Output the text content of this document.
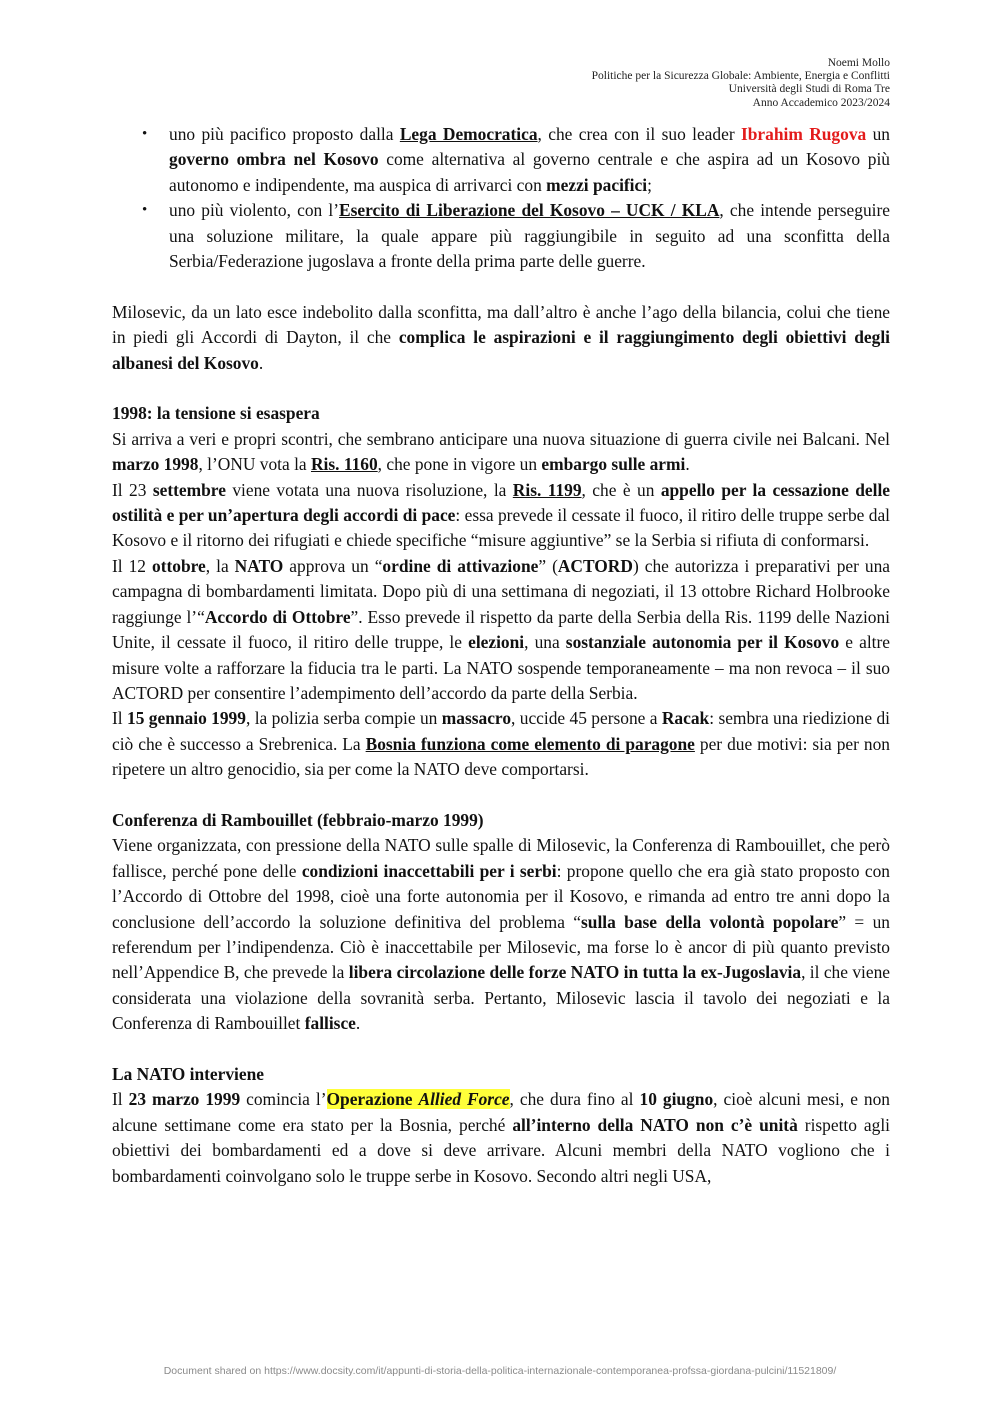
Noemi Mollo
Politiche per la Sicurezza Globale: Ambiente, Energia e Conflitti
Università degli Studi di Roma Tre
Anno Accademico 2023/2024
• uno più pacifico proposto dalla Lega Democratica, che crea con il suo leader Ibrahim Rugova un governo ombra nel Kosovo come alternativa al governo centrale e che aspira ad un Kosovo più autonomo e indipendente, ma auspica di arrivarci con mezzi pacifici;
• uno più violento, con l’Esercito di Liberazione del Kosovo – UCK / KLA, che intende perseguire una soluzione militare, la quale appare più raggiungibile in seguito ad una sconfitta della Serbia/Federazione jugoslava a fronte della prima parte delle guerre.

Milosevic, da un lato esce indebolito dalla sconfitta, ma dall’altro è anche l’ago della bilancia, colui che tiene in piedi gli Accordi di Dayton, il che complica le aspirazioni e il raggiungimento degli obiettivi degli albanesi del Kosovo.

1998: la tensione si esaspera

Si arriva a veri e propri scontri, che sembrano anticipare una nuova situazione di guerra civile nei Balcani. Nel marzo 1998, l’ONU vota la Ris. 1160, che pone in vigore un embargo sulle armi.

Il 23 settembre viene votata una nuova risoluzione, la Ris. 1199, che è un appello per la cessazione delle ostilità e per un’apertura degli accordi di pace: essa prevede il cessate il fuoco, il ritiro delle truppe serbe dal Kosovo e il ritorno dei rifugiati e chiede specifiche “misure aggiuntive” se la Serbia si rifiuta di conformarsi.

Il 12 ottobre, la NATO approva un “ordine di attivazione” (ACTORD) che autorizza i preparativi per una campagna di bombardamenti limitata. Dopo più di una settimana di negoziati, il 13 ottobre Richard Holbrooke raggiunge l’“Accordo di Ottobre”. Esso prevede il rispetto da parte della Serbia della Ris. 1199 delle Nazioni Unite, il cessate il fuoco, il ritiro delle truppe, le elezioni, una sostanziale autonomia per il Kosovo e altre misure volte a rafforzare la fiducia tra le parti. La NATO sospende temporaneamente – ma non revoca – il suo ACTORD per consentire l’adempimento dell’accordo da parte della Serbia.

Il 15 gennaio 1999, la polizia serba compie un massacro, uccide 45 persone a Racak: sembra una riedizione di ciò che è successo a Srebrenica. La Bosnia funziona come elemento di paragone per due motivi: sia per non ripetere un altro genocidio, sia per come la NATO deve comportarsi.

Conferenza di Rambouillet (febbraio-marzo 1999)

Viene organizzata, con pressione della NATO sulle spalle di Milosevic, la Conferenza di Rambouillet, che però fallisce, perché pone delle condizioni inaccettabili per i serbi: propone quello che era già stato proposto con l’Accordo di Ottobre del 1998, cioè una forte autonomia per il Kosovo, e rimanda ad entro tre anni dopo la conclusione dell’accordo la soluzione definitiva del problema “sulla base della volontà popolare” = un referendum per l’indipendenza. Ciò è inaccettabile per Milosevic, ma forse lo è ancor di più quanto previsto nell’Appendice B, che prevede la libera circolazione delle forze NATO in tutta la ex-Jugoslavia, il che viene considerata una violazione della sovranità serba. Pertanto, Milosevic lascia il tavolo dei negoziati e la Conferenza di Rambouillet fallisce.

La NATO interviene

Il 23 marzo 1999 comincia l’Operazione Allied Force, che dura fino al 10 giugno, cioè alcuni mesi, e non alcune settimane come era stato per la Bosnia, perché all’interno della NATO non c’è unità rispetto agli obiettivi dei bombardamenti ed a dove si deve arrivare. Alcuni membri della NATO vogliono che i bombardamenti coinvolgano solo le truppe serbe in Kosovo. Secondo altri negli USA,

Document shared on https://www.docsity.com/it/appunti-di-storia-della-politica-internazionale-contemporanea-profssa-giordana-pulcini/11521809/
